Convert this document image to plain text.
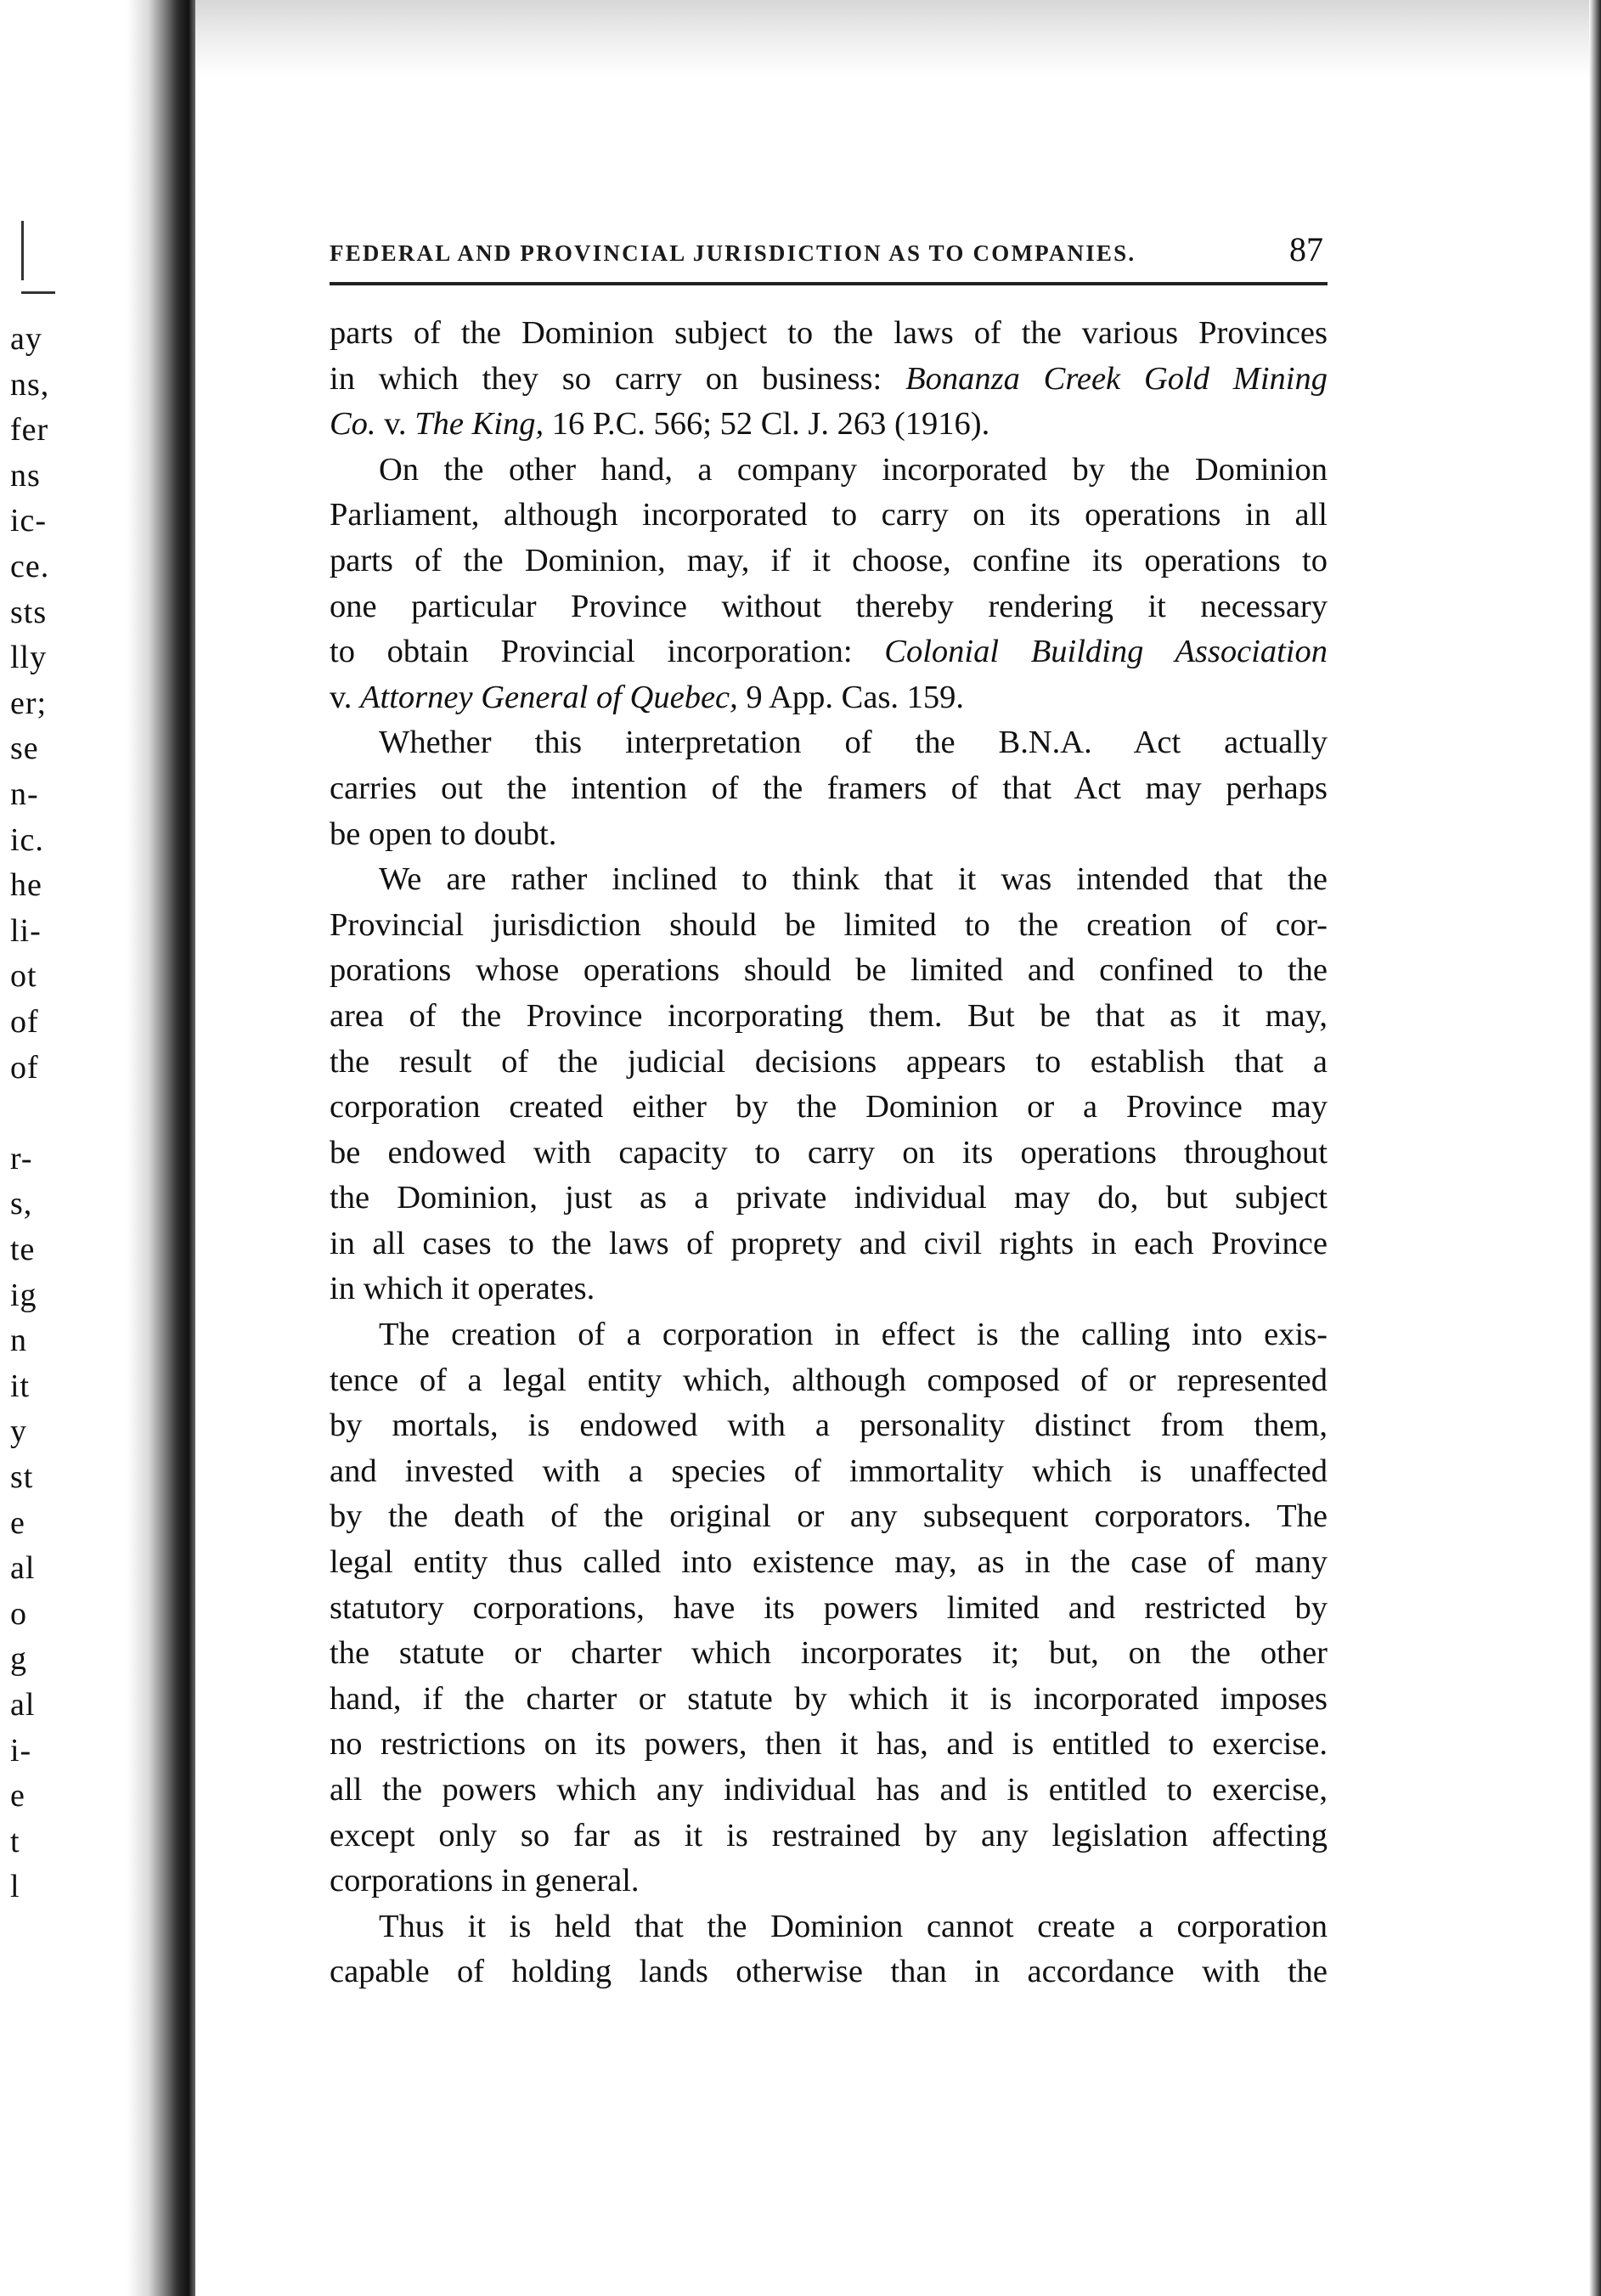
ay
ns,
fer
ns
ic-
ce.
sts
lly
er;
se
n-
ic.
he
li-
ot
of
of
r-
s,
te
ig
n
it
y
st
e
al
o
g
al
i-
e
t
l
FEDERAL AND PROVINCIAL JURISDICTION AS TO COMPANIES.	87
parts of the Dominion subject to the laws of the various Provinces
in which they so carry on business: Bonanza Creek Gold Mining
Co. v. The King, 16 P.C. 566; 52 Cl. J. 263 (1916).
On the other hand, a company incorporated by the Dominion
Parliament, although incorporated to carry on its operations in all
parts of the Dominion, may, if it choose, confine its operations to
one particular Province without thereby rendering it necessary
to obtain Provincial incorporation: Colonial Building Association
v. Attorney General of Quebec, 9 App. Cas. 159.
Whether this interpretation of the B.N.A. Act actually
carries out the intention of the framers of that Act may perhaps
be open to doubt.
We are rather inclined to think that it was intended that the
Provincial jurisdiction should be limited to the creation of cor-
porations whose operations should be limited and confined to the
area of the Province incorporating them. But be that as it may,
the result of the judicial decisions appears to establish that a
corporation created either by the Dominion or a Province may
be endowed with capacity to carry on its operations throughout
the Dominion, just as a private individual may do, but subject
in all cases to the laws of proprety and civil rights in each Province
in which it operates.
The creation of a corporation in effect is the calling into exis-
tence of a legal entity which, although composed of or represented
by mortals, is endowed with a personality distinct from them,
and invested with a species of immortality which is unaffected
by the death of the original or any subsequent corporators. The
legal entity thus called into existence may, as in the case of many
statutory corporations, have its powers limited and restricted by
the statute or charter which incorporates it; but, on the other
hand, if the charter or statute by which it is incorporated imposes
no restrictions on its powers, then it has, and is entitled to exercise.
all the powers which any individual has and is entitled to exercise,
except only so far as it is restrained by any legislation affecting
corporations in general.
Thus it is held that the Dominion cannot create a corporation
capable of holding lands otherwise than in accordance with the
